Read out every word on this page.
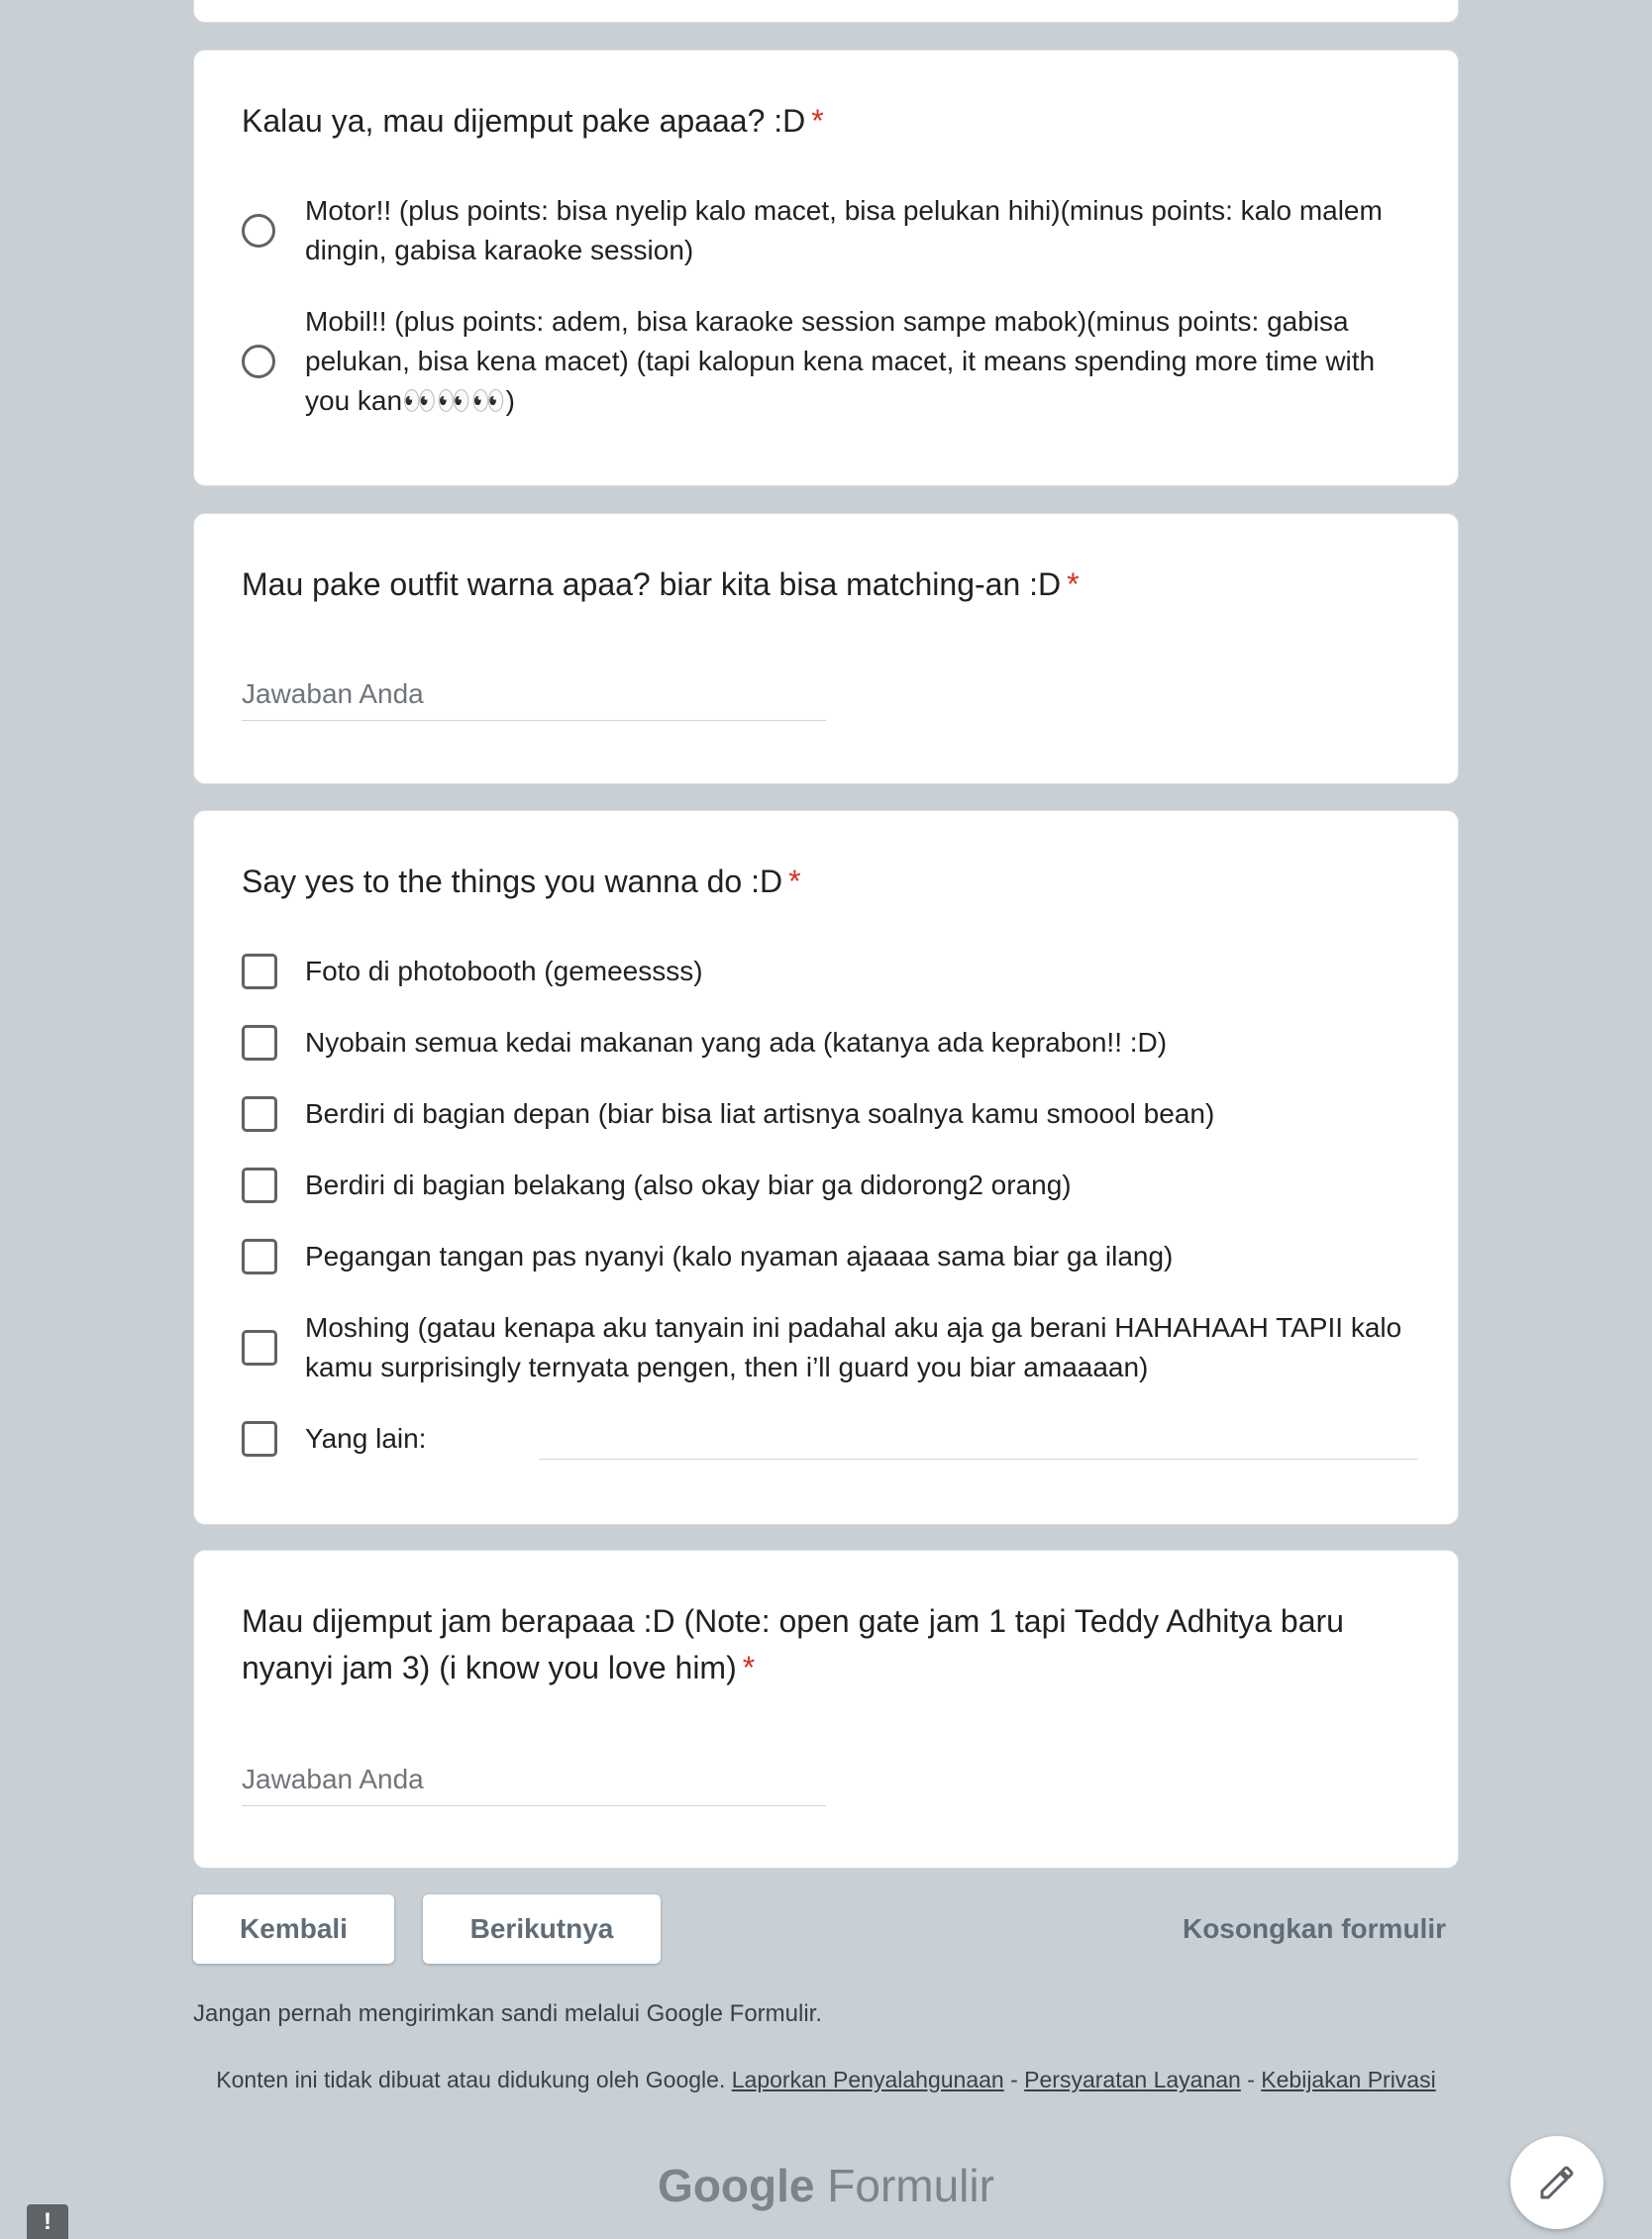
Kalau ya, mau dijemput pake apaaa? :D *
Motor!! (plus points: bisa nyelip kalo macet, bisa pelukan hihi)(minus points: kalo malem dingin, gabisa karaoke session)
Mobil!! (plus points: adem, bisa karaoke session sampe mabok)(minus points: gabisa pelukan, bisa kena macet) (tapi kalopun kena macet, it means spending more time with you kan👀👀👀)
Mau pake outfit warna apaa? biar kita bisa matching-an :D *
Jawaban Anda
Say yes to the things you wanna do :D *
Foto di photobooth (gemeessss)
Nyobain semua kedai makanan yang ada (katanya ada keprabon!! :D)
Berdiri di bagian depan (biar bisa liat artisnya soalnya kamu smoool bean)
Berdiri di bagian belakang (also okay biar ga didorong2 orang)
Pegangan tangan pas nyanyi (kalo nyaman ajaaaa sama biar ga ilang)
Moshing (gatau kenapa aku tanyain ini padahal aku aja ga berani HAHAHAAH TAPII kalo kamu surprisingly ternyata pengen, then i’ll guard you biar amaaaan)
Yang lain:
Mau dijemput jam berapaaa :D (Note: open gate jam 1 tapi Teddy Adhitya baru nyanyi jam 3) (i know you love him) *
Jawaban Anda
Kembali	Berikutnya	Kosongkan formulir
Jangan pernah mengirimkan sandi melalui Google Formulir.
Konten ini tidak dibuat atau didukung oleh Google. Laporkan Penyalahgunaan - Persyaratan Layanan - Kebijakan Privasi
Google Formulir
!
